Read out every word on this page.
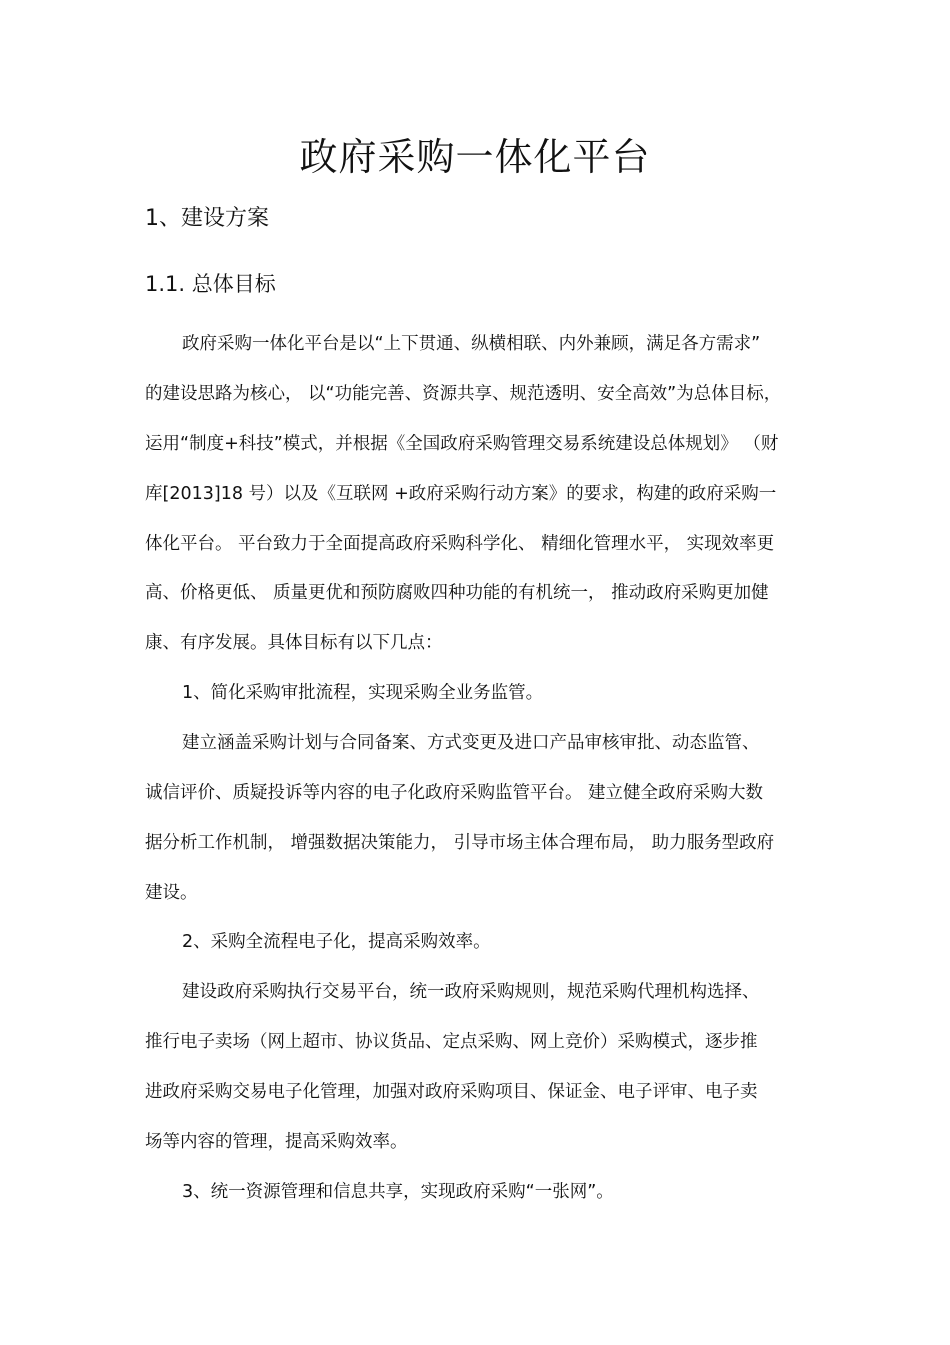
政府采购一体化平台
1、建设方案
1.1. 总体目标

政府采购一体化平台是以“上下贯通、纵横相联、内外兼顾，满足各方需求”

的建设思路为核心， 以“功能完善、资源共享、规范透明、安全高效”为总体目标，

运用“制度+科技”模式，并根据《全国政府采购管理交易系统建设总体规划》 （财

库[2013]18 号）以及《互联网 +政府采购行动方案》的要求，构建的政府采购一

体化平台。 平台致力于全面提高政府采购科学化、 精细化管理水平， 实现效率更

高、价格更低、 质量更优和预防腐败四种功能的有机统一， 推动政府采购更加健

康、有序发展。具体目标有以下几点：

1、简化采购审批流程，实现采购全业务监管。

建立涵盖采购计划与合同备案、方式变更及进口产品审核审批、动态监管、

诚信评价、质疑投诉等内容的电子化政府采购监管平台。 建立健全政府采购大数

据分析工作机制， 增强数据决策能力， 引导市场主体合理布局， 助力服务型政府

建设。

2、采购全流程电子化，提高采购效率。

建设政府采购执行交易平台，统一政府采购规则，规范采购代理机构选择、

推行电子卖场（网上超市、协议货品、定点采购、网上竞价）采购模式，逐步推

进政府采购交易电子化管理，加强对政府采购项目、保证金、电子评审、电子卖

场等内容的管理，提高采购效率。

3、统一资源管理和信息共享，实现政府采购“一张网”。
